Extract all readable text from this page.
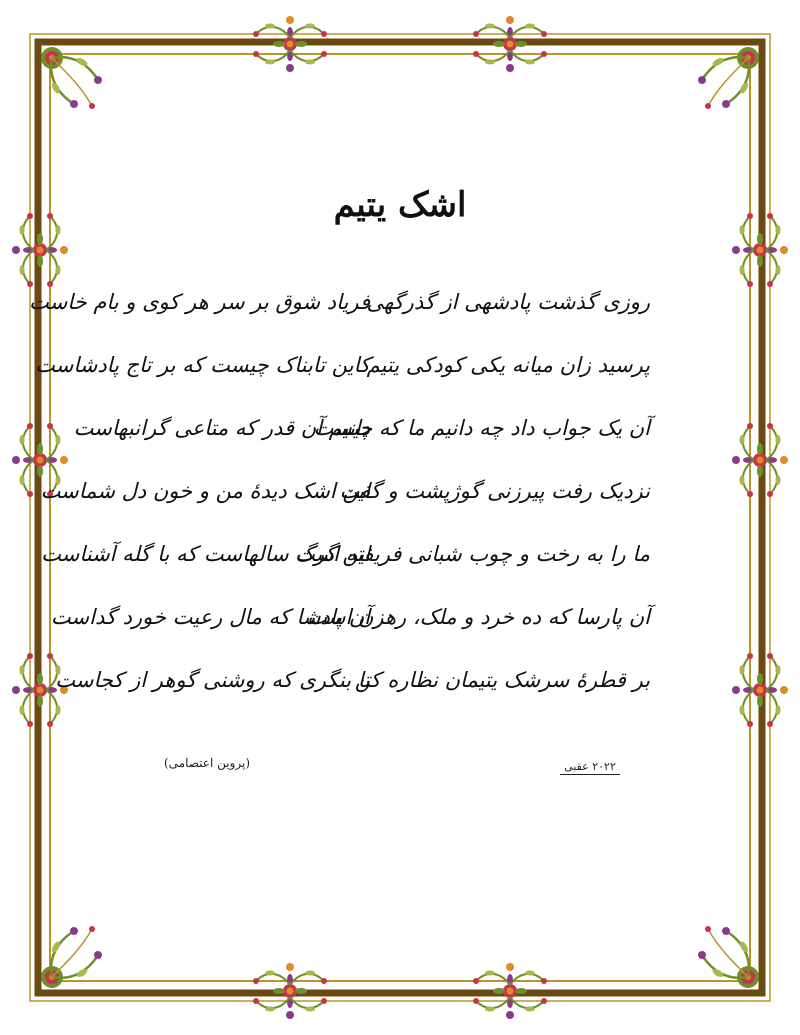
اشک یتیم
روزی گذشت پادشهی از گذرگهی
فریاد شوق بر سر هر کوی و بام خاست
پرسید زان میانه یکی کودکی یتیم
کاین تابناک چیست که بر تاج پادشاست
آن یک جواب داد چه دانیم ما که چیست
دانیم آن قدر که متاعی گرانبهاست
نزدیک رفت پیرزنی گوژپشت و گفت
این اشک دیدهٔ من و خون دل شماست
ما را به رخت و چوب شبانی فریفته است
این گرگ سالهاست که با گله آشناست
آن پارسا که ده خرد و ملک، رهزن است
آن پادشا که مال رعیت خورد گداست
بر قطرهٔ سرشک یتیمان نظاره کن
تا بنگری که روشنی گوهر از کجاست
(پروین اعتصامی)	۲۰۲۲ عقبی
